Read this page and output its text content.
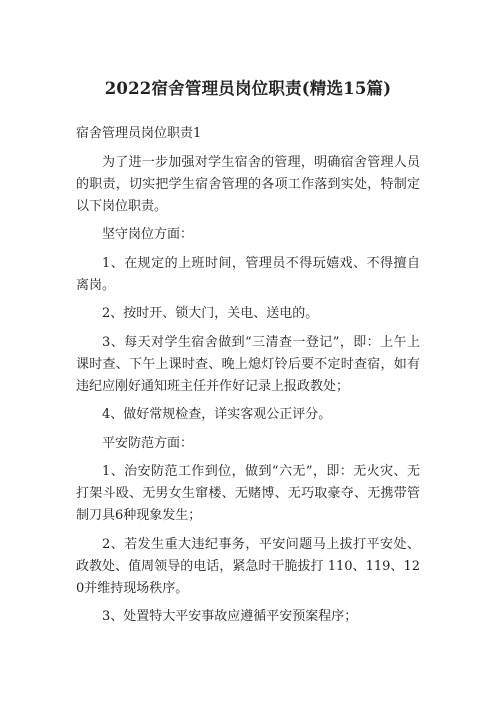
2022宿舍管理员岗位职责(精选15篇)

宿舍管理员岗位职责1

为了进一步加强对学生宿舍的管理，明确宿舍管理人员的职责，切实把学生宿舍管理的各项工作落到实处，特制定以下岗位职责。

坚守岗位方面：

1、在规定的上班时间，管理员不得玩嬉戏、不得擅自离岗。

2、按时开、锁大门，关电、送电的。

3、每天对学生宿舍做到“三清查一登记”，即：上午上课时查、下午上课时查、晚上熄灯铃后要不定时查宿，如有违纪应刚好通知班主任并作好记录上报政教处；

4、做好常规检查，详实客观公正评分。

平安防范方面：

1、治安防范工作到位，做到“六无”，即：无火灾、无打架斗殴、无男女生窜楼、无赌博、无巧取豪夺、无携带管制刀具6种现象发生；

2、若发生重大违纪事务，平安问题马上拔打平安处、政教处、值周领导的电话，紧急时干脆拔打 110、119、120并维持现场秩序。

3、处置特大平安事故应遵循平安预案程序；
